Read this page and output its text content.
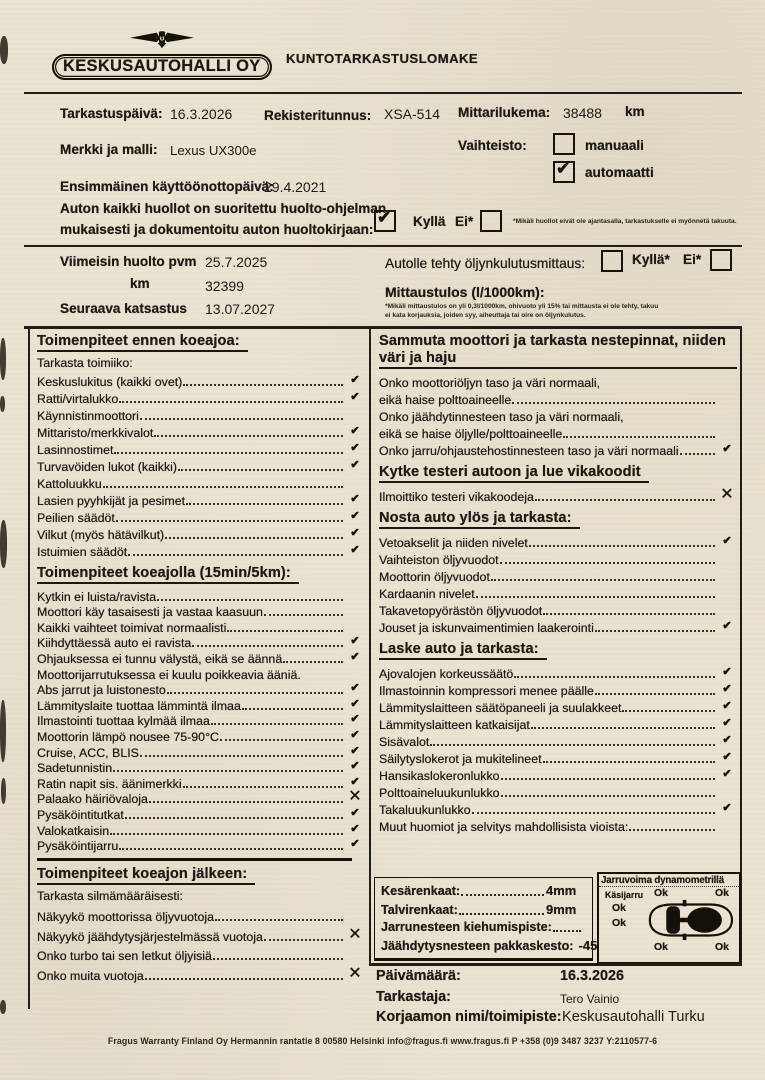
ʊ
KESKUSAUTOHALLI OY	KUNTOTARKASTUSLOMAKE
Tarkastuspäivä: 16.3.2026 Rekisteritunnus: XSA-514 Mittarilukema: 38488 km
Merkki ja malli: Lexus UX300e	Vaihteisto:	manuaali
✔
automaatti
Ensimmäinen käyttöönottopäivä:
29.4.2021
Auton kaikki huollot on suoritettu huolto-ohjelman
mukaisesti ja dokumentoitu auton huoltokirjaan:
✔
Kyllä Ei*	*Mikäli huollot eivät ole ajantasalla, tarkastukselle ei myönnetä takuuta.
Viimeisin huolto pvm 25.7.2025
km	32399
Seuraava katsastus 13.07.2027
Autolle tehty öljynkulutusmittaus:	Kyllä* Ei*
Mittaustulos (l/1000km):
*Mikäli mittaustulos on yli 0,3l/1000km, ohivuoto yli 15% tai mittausta ei ole tehty, takuu
ei kata korjauksia, joiden syy, aiheuttaja tai oire on öljynkulutus.
Toimenpiteet ennen koeajoa:
Tarkasta toimiiko:
Keskuslukitus (kaikki ovet)	✔
Ratti/virtalukko	✔
Käynnistinmoottori
Mittaristo/merkkivalot	✔
Lasinnostimet	✔
Turvavöiden lukot (kaikki)	✔
Kattoluukku
Lasien pyyhkijät ja pesimet	✔
Peilien säädöt	✔
Vilkut (myös hätävilkut)	✔
Istuimien säädöt	✔
Toimenpiteet koeajolla (15min/5km):
Kytkin ei luista/ravista
Moottori käy tasaisesti ja vastaa kaasuun
Kaikki vaihteet toimivat normaalisti
Kiihdyttäessä auto ei ravista	✔
Ohjauksessa ei tunnu välystä, eikä se äännä	✔
Moottorijarrutuksessa ei kuulu poikkeavia ääniä.
Abs jarrut ja luistonesto	✔
Lämmityslaite tuottaa lämmintä ilmaa	✔
Ilmastointi tuottaa kylmää ilmaa	✔
Moottorin lämpö nousee 75-90°C	✔
Cruise, ACC, BLIS	✔
Sadetunnistin	✔
Ratin napit sis. äänimerkki	✔
Palaako häiriövaloja	✕
Pysäköintitutkat	✔
Valokatkaisin	✔
Pysäköintijarru	✔
Toimenpiteet koeajon jälkeen:
Tarkasta silmämääräisesti:
Näkyykö moottorissa öljyvuotoja
Näkyykö jäähdytysjärjestelmässä vuotoja	✕
Onko turbo tai sen letkut öljyisiä
Onko muita vuotoja	✕
Sammuta moottori ja tarkasta nestepinnat, niiden
väri ja haju
Onko moottoriöljyn taso ja väri normaali,
eikä haise polttoaineelle
Onko jäähdytinnesteen taso ja väri normaali,
eikä se haise öljylle/polttoaineelle
Onko jarru/ohjaustehostinnesteen taso ja väri normaali	✔
Kytke testeri autoon ja lue vikakoodit
Ilmoittiko testeri vikakoodeja	✕
Nosta auto ylös ja tarkasta:
Vetoakselit ja niiden nivelet	✔
Vaihteiston öljyvuodot
Moottorin öljyvuodot
Kardaanin nivelet
Takavetopyörästön öljyvuodot
Jouset ja iskunvaimentimien laakerointi	✔
Laske auto ja tarkasta:
Ajovalojen korkeussäätö	✔
Ilmastoinnin kompressori menee päälle	✔
Lämmityslaitteen säätöpaneeli ja suulakkeet	✔
Lämmityslaitteen katkaisijat	✔
Sisävalot	✔
Säilytyslokerot ja mukitelineet	✔
Hansikaslokeronlukko	✔
Polttoaineluukunlukko
Takaluukunlukko	✔
Muut huomiot ja selvitys mahdollisista vioista:
Kesärenkaat:	4mm
Talvirenkaat:	9mm
Jarrunesteen kiehumispiste:
Jäähdytysnesteen pakkaskesto: -45
Jarruvoima dynamometrillä
Käsijarru
Ok
Ok
Ok	Ok
Ok	Ok
Päivämäärä:	16.3.2026
Tarkastaja:	Tero Vainio
Korjaamon nimi/toimipiste: Keskusautohalli Turku
Fragus Warranty Finland Oy Hermannin rantatie 8 00580 Helsinki info@fragus.fi www.fragus.fi P +358 (0)9 3487 3237 Y:2110577-6
